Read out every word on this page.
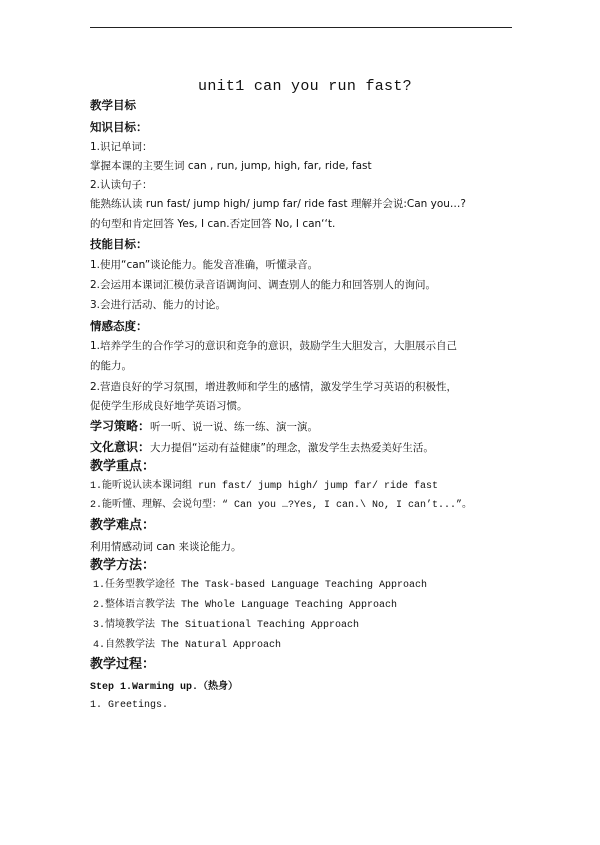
unit1 can you run fast?
教学目标
知识目标：
1.识记单词：
掌握本课的主要生词 can , run, jump, high, far, ride, fast
2.认读句子：
能熟练认读 run fast/ jump high/ jump far/ ride fast 理解并会说:Can you…?
的句型和肯定回答 Yes, I can.否定回答 No, I can‘‘t.
技能目标：
1.使用“can”谈论能力。能发音准确，听懂录音。
2.会运用本课词汇模仿录音语调询问、调查别人的能力和回答别人的询问。
3.会进行活动、能力的讨论。
情感态度：
1.培养学生的合作学习的意识和竞争的意识，鼓励学生大胆发言，大胆展示自己
的能力。
2.营造良好的学习氛围，增进教师和学生的感情，激发学生学习英语的积极性，
促使学生形成良好地学英语习惯。
学习策略：听一听、说一说、练一练、演一演。
文化意识：大力提倡“运动有益健康”的理念，激发学生去热爱美好生活。
教学重点：
1.能听说认读本课词组 run fast/ jump high/ jump far/ ride fast
2.能听懂、理解、会说句型：“ Can you …?Yes, I can.\ No, I can’t...”。
教学难点：
利用情感动词 can 来谈论能力。
教学方法：
1.任务型教学途径 The Task-based Language Teaching Approach
2.整体语言教学法 The Whole Language Teaching Approach
3.情境教学法 The Situational Teaching Approach
4.自然教学法 The Natural Approach
教学过程：
Step 1.Warming up.（热身）
1. Greetings.
